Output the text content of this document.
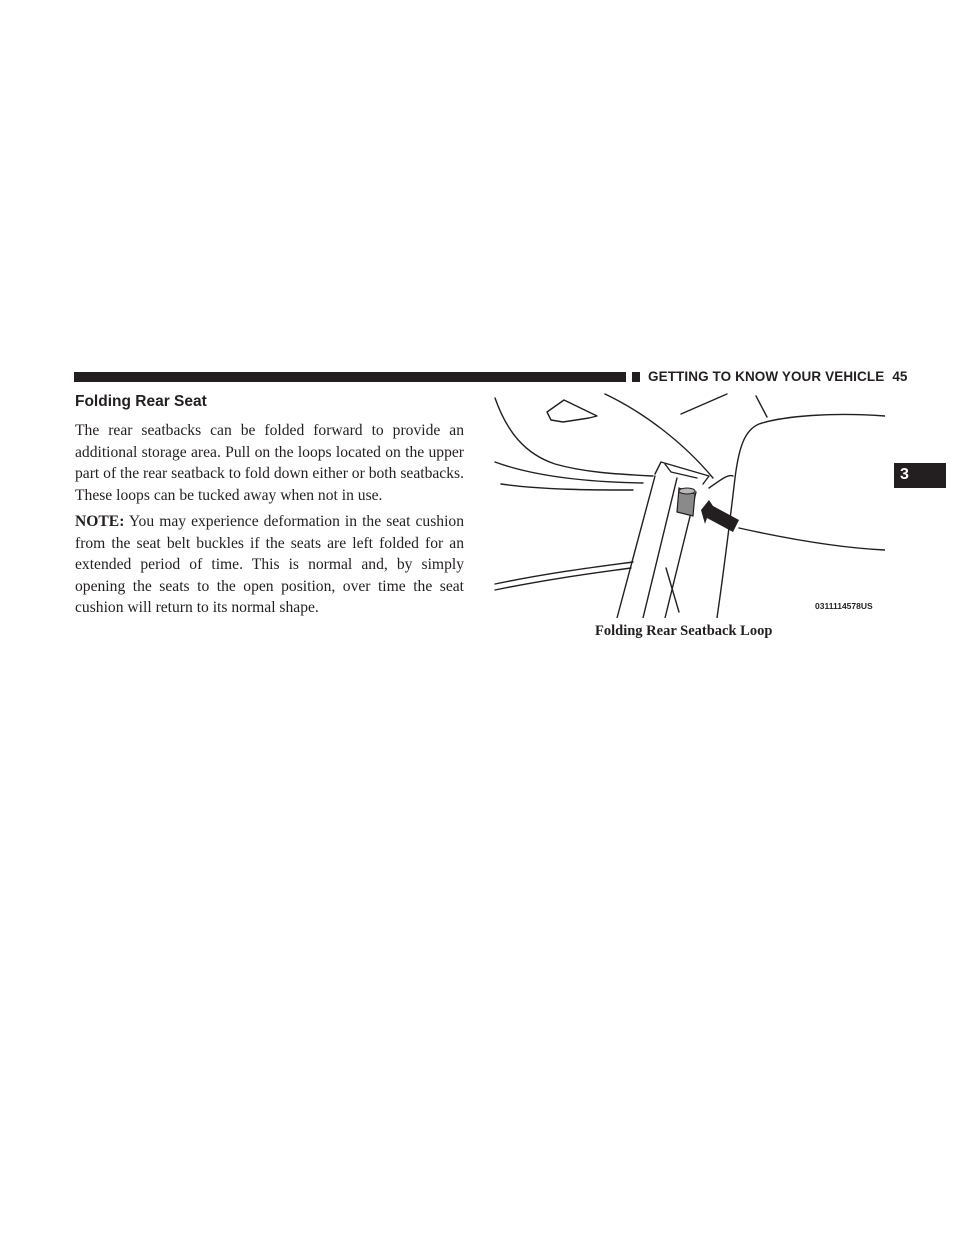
GETTING TO KNOW YOUR VEHICLE 45
3
Folding Rear Seat

The rear seatbacks can be folded forward to provide an additional storage area. Pull on the loops located on the upper part of the rear seatback to fold down either or both seatbacks. These loops can be tucked away when not in use.

NOTE: You may experience deformation in the seat cushion from the seat belt buckles if the seats are left folded for an extended period of time. This is normal and, by simply opening the seats to the open position, over time the seat cushion will return to its normal shape.	0311114578US
Folding Rear Seatback Loop
